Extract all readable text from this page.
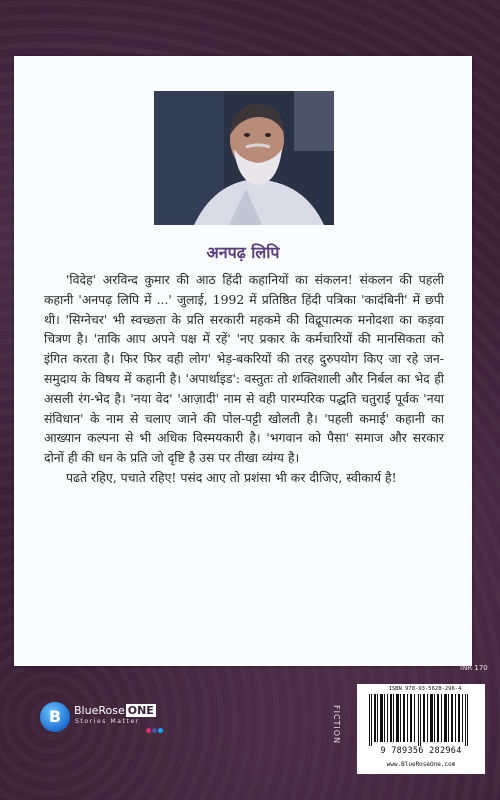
अनपढ़ लिपि

'विदेह' अरविन्द कुमार की आठ हिंदी कहानियों का संकलन! संकलन की पहली कहानी 'अनपढ़ लिपि में ...' जुलाई, 1992 में प्रतिष्ठित हिंदी पत्रिका 'कादंबिनी' में छपी थी। 'सिग्नेचर' भी स्वच्छता के प्रति सरकारी महकमे की विद्रूपात्मक मनोदशा का कड़वा चित्रण है। 'ताकि आप अपने पक्ष में रहें' 'नए प्रकार के कर्मचारियों की मानसिकता को इंगित करता है। फिर फिर वही लोग' भेड़-बकरियों की तरह दुरुपयोग किए जा रहे जन-समुदाय के विषय में कहानी है। 'अपार्थाइड': वस्तुतः तो शक्तिशाली और निर्बल का भेद ही असली रंग-भेद है। 'नया वेद' 'आज़ादी' नाम से वही पारम्परिक पद्धति चतुराई पूर्वक 'नया संविधान' के नाम से चलाए जाने की पोल-पट्टी खोलती है। 'पहली कमाई' कहानी का आख्यान कल्पना से भी अधिक विस्मयकारी है। 'भगवान को पैसा' समाज और सरकार दोनों ही की धन के प्रति जो दृष्टि है उस पर तीखा व्यंग्य है।

पढते रहिए, पचाते रहिए! पसंद आए तो प्रशंसा भी कर दीजिए, स्वीकार्य है!

INR 170
FICTION

ISBN 978-93-5628-296-4

9 789356 282964

www.BlueRoseOne.com

B	BlueRose ONE
Stories Matter
